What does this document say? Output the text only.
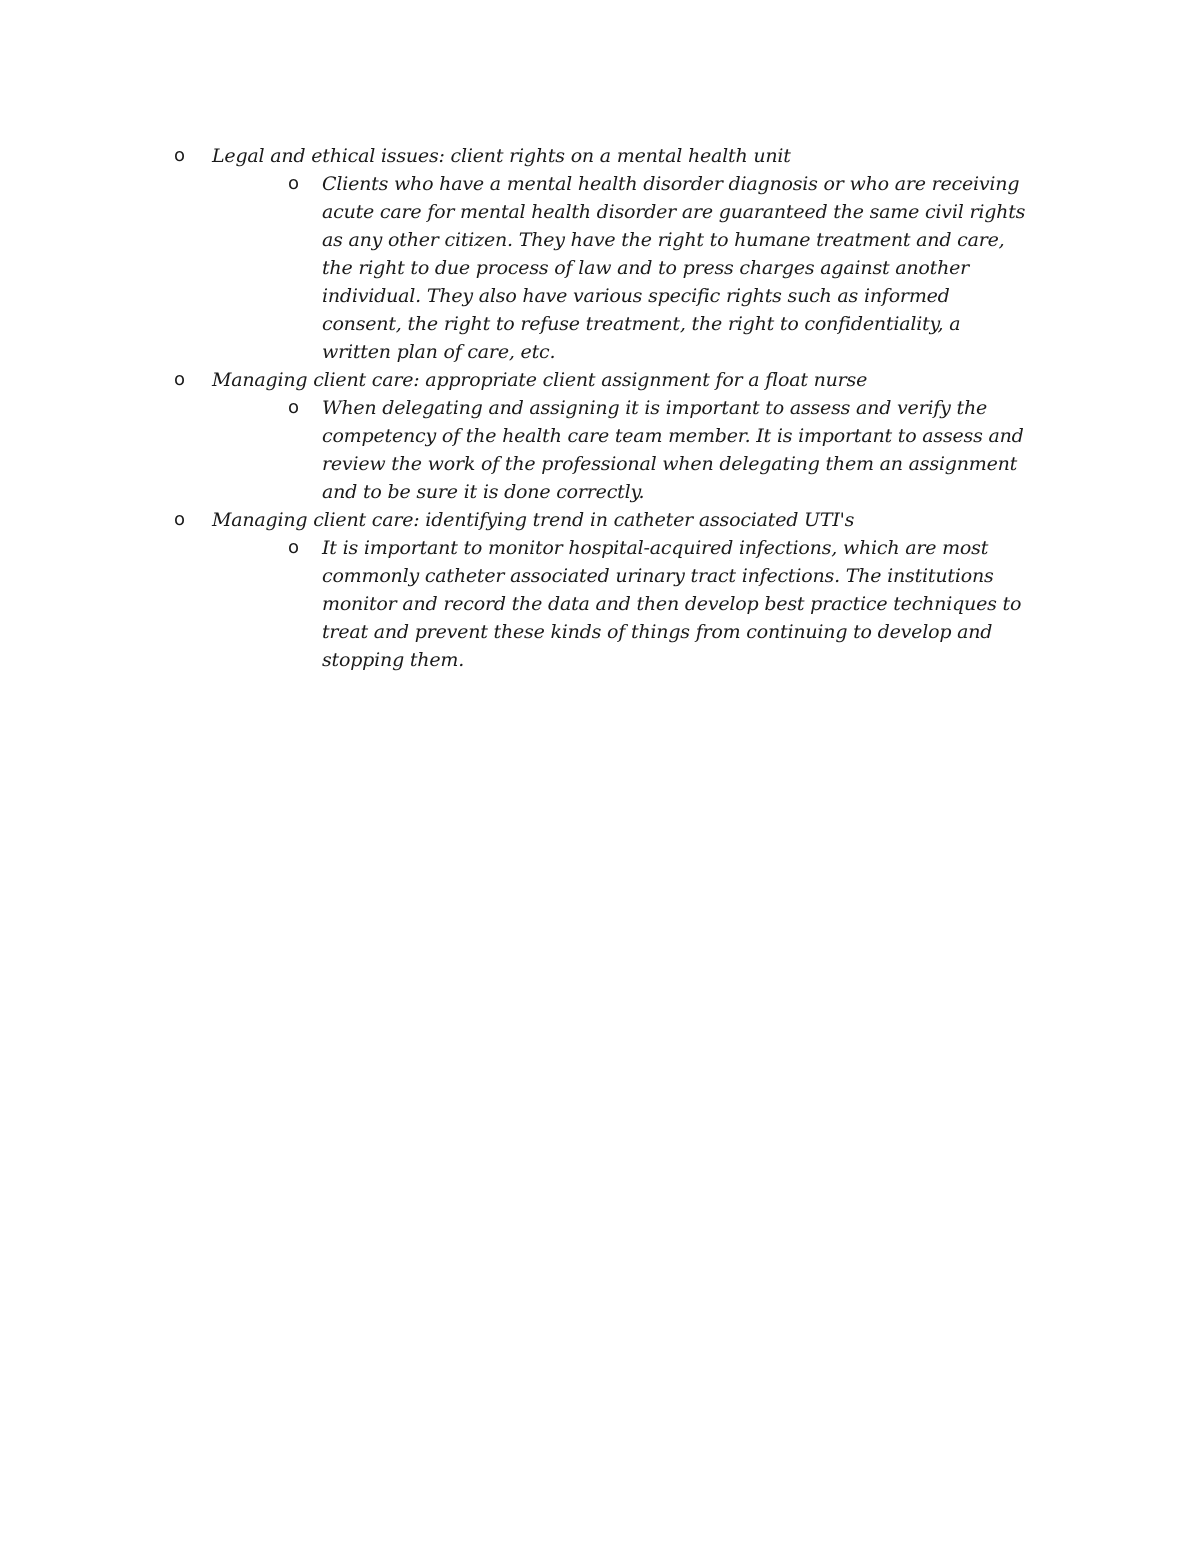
o Legal and ethical issues: client rights on a mental health unit
o Clients who have a mental health disorder diagnosis or who are receiving acute care for mental health disorder are guaranteed the same civil rights as any other citizen. They have the right to humane treatment and care, the right to due process of law and to press charges against another individual. They also have various specific rights such as informed consent, the right to refuse treatment, the right to confidentiality, a written plan of care, etc.
o Managing client care: appropriate client assignment for a float nurse
o When delegating and assigning it is important to assess and verify the competency of the health care team member. It is important to assess and review the work of the professional when delegating them an assignment and to be sure it is done correctly.
o Managing client care: identifying trend in catheter associated UTI's
o It is important to monitor hospital-acquired infections, which are most commonly catheter associated urinary tract infections. The institutions monitor and record the data and then develop best practice techniques to treat and prevent these kinds of things from continuing to develop and stopping them.
